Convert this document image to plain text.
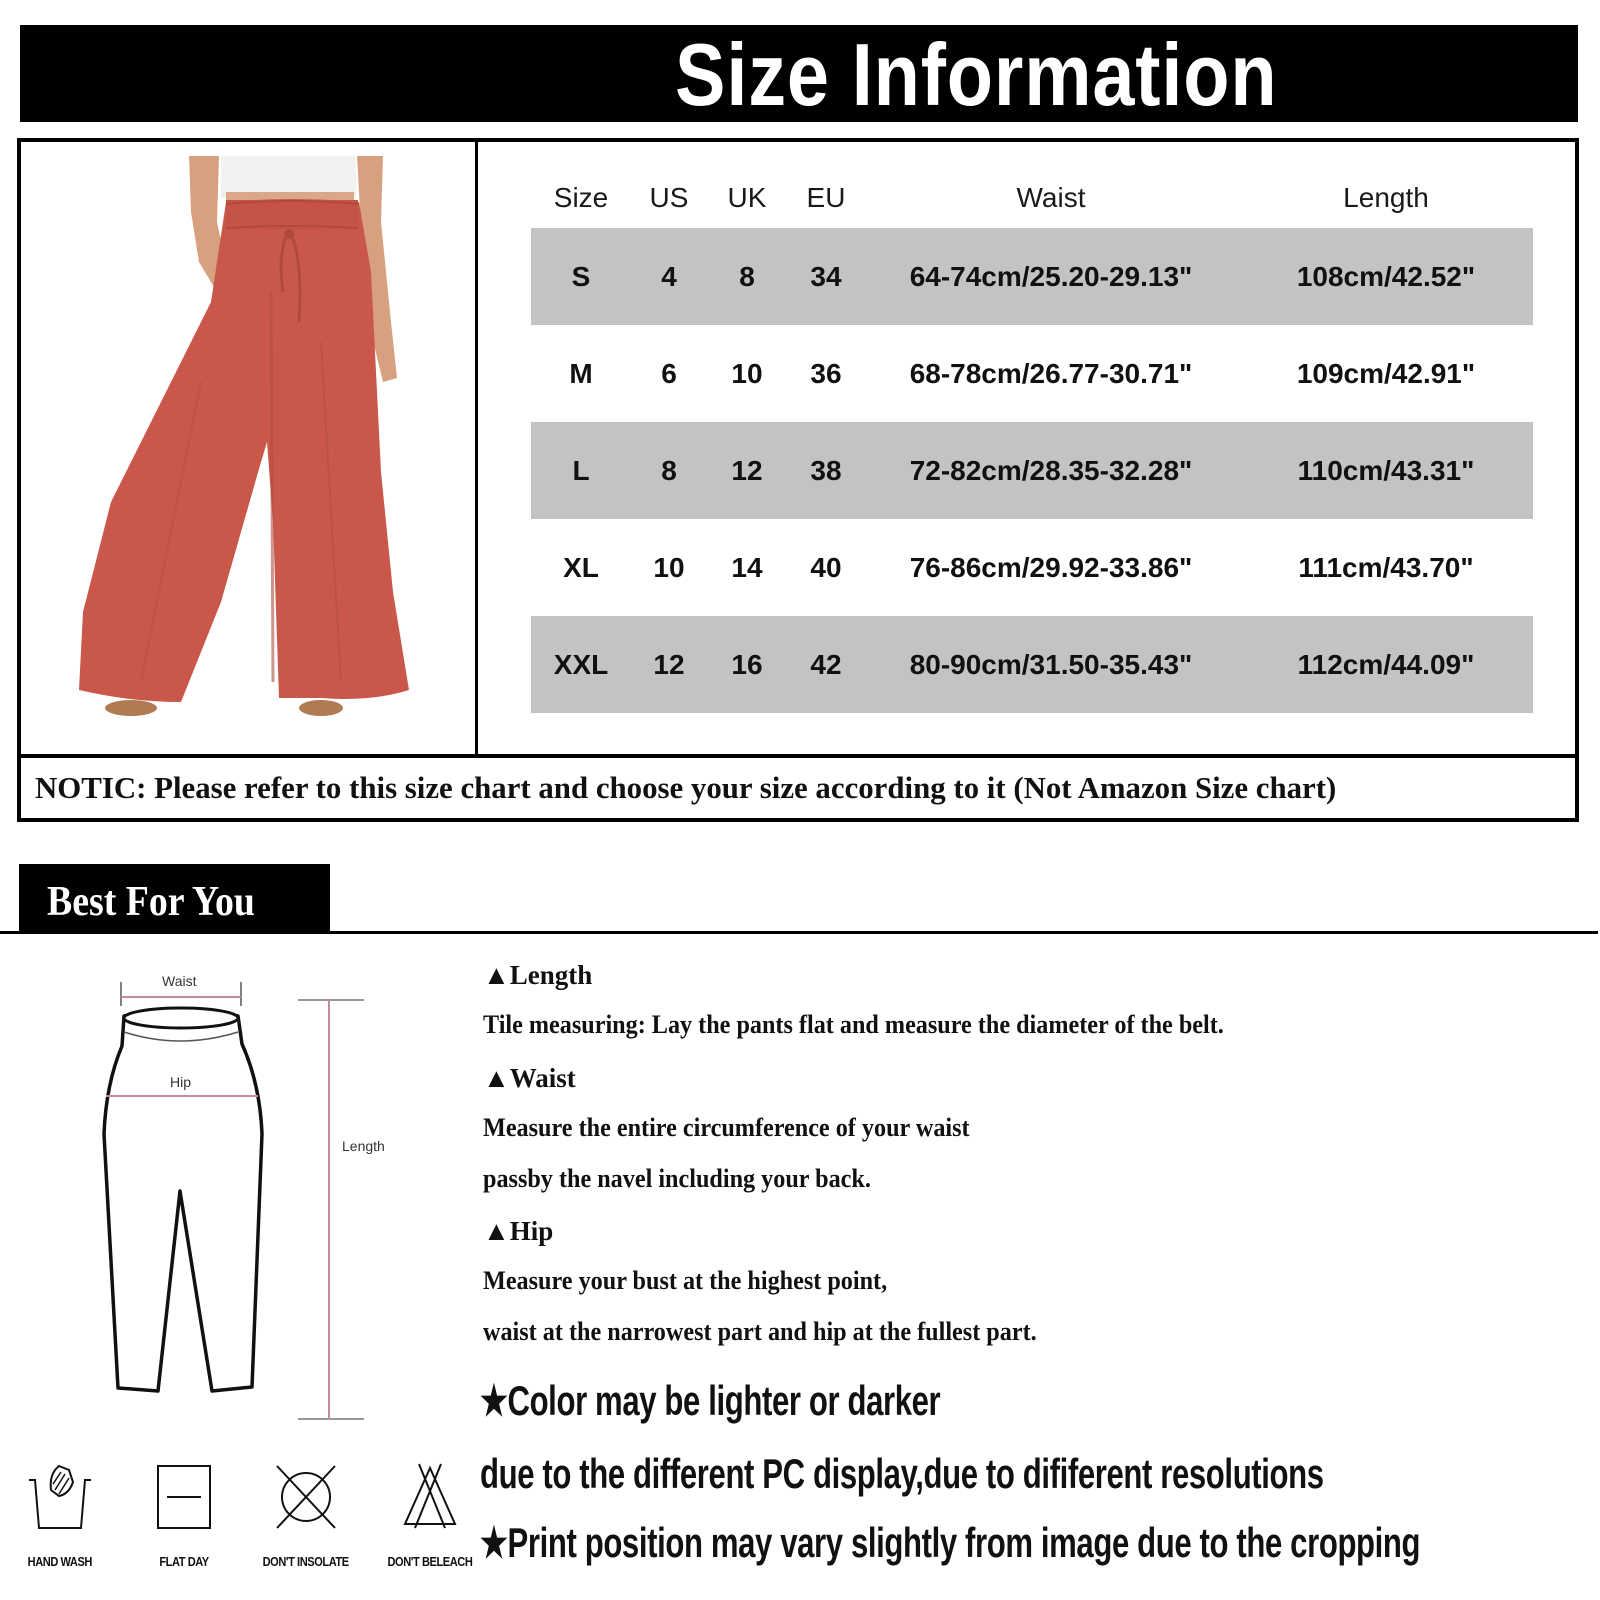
Size Information
Size	US	UK	EU	Waist	Length
S	4	8	34	64-74cm/25.20-29.13"	108cm/42.52"
M	6	10	36	68-78cm/26.77-30.71"	109cm/42.91"
L	8	12	38	72-82cm/28.35-32.28"	110cm/43.31"
XL	10	14	40	76-86cm/29.92-33.86"	111cm/43.70"
XXL	12	16	42	80-90cm/31.50-35.43"	112cm/44.09"
NOTIC: Please refer to this size chart and choose your size according to it (Not Amazon Size chart)
Best For You
Waist
Hip
Length
HAND WASH	FLAT DAY	DON'T INSOLATE	DON'T BELEACH
▲Length
Tile measuring: Lay the pants flat and measure the diameter of the belt.
▲Waist
Measure the entire circumference of your waist
passby the navel including your back.
▲Hip
Measure your bust at the highest point,
waist at the narrowest part and hip at the fullest part.
★Color may be lighter or darker
due to the different PC display,due to dififerent resolutions
★Print position may vary slightly from image due to the cropping
